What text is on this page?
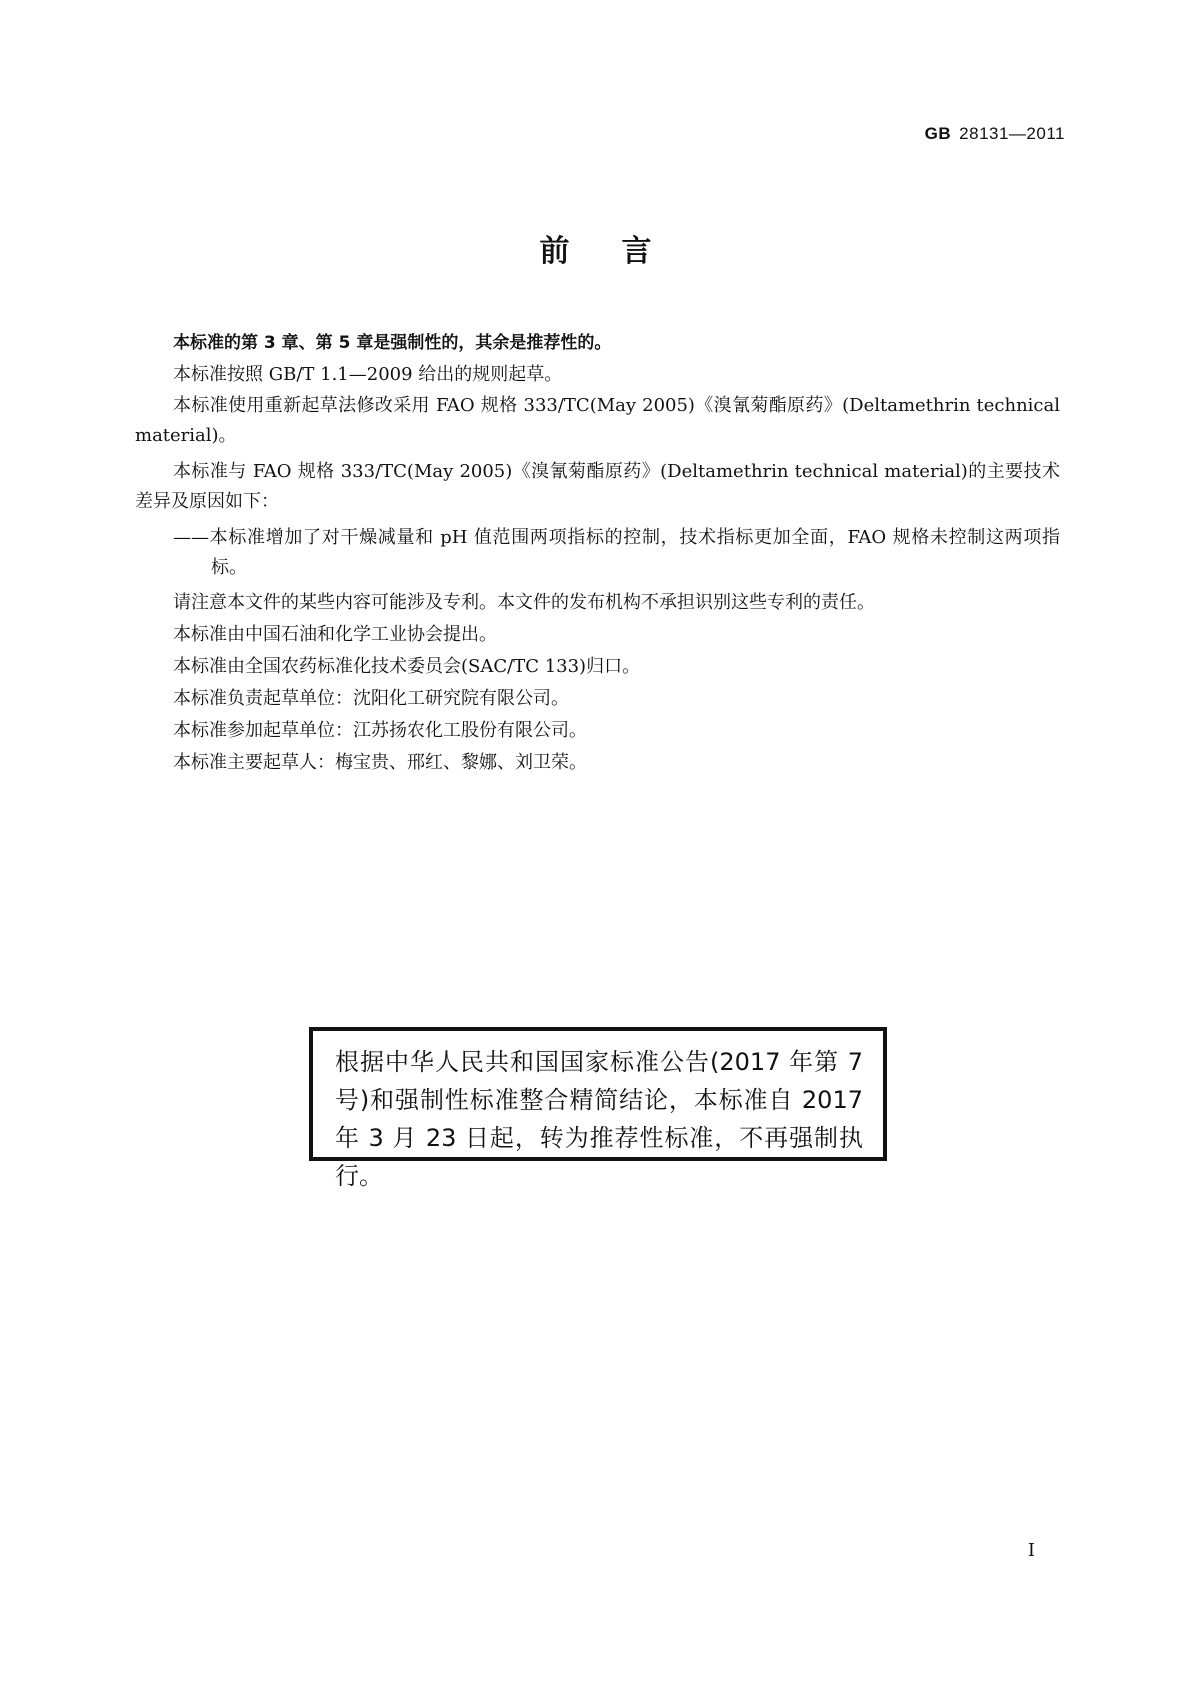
GB 28131—2011
前言

本标准的第 3 章、第 5 章是强制性的，其余是推荐性的。

本标准按照 GB/T 1.1—2009 给出的规则起草。

本标准使用重新起草法修改采用 FAO 规格 333/TC(May 2005)《溴氰菊酯原药》(Deltamethrin technical material)。

本标准与 FAO 规格 333/TC(May 2005)《溴氰菊酯原药》(Deltamethrin technical material)的主要技术差异及原因如下：

——本标准增加了对干燥减量和 pH 值范围两项指标的控制，技术指标更加全面，FAO 规格未控制这两项指标。

请注意本文件的某些内容可能涉及专利。本文件的发布机构不承担识别这些专利的责任。

本标准由中国石油和化学工业协会提出。

本标准由全国农药标准化技术委员会(SAC/TC 133)归口。

本标准负责起草单位：沈阳化工研究院有限公司。

本标准参加起草单位：江苏扬农化工股份有限公司。

本标准主要起草人：梅宝贵、邢红、黎娜、刘卫荣。

根据中华人民共和国国家标准公告(2017 年第 7 号)和强制性标准整合精简结论，本标准自 2017 年 3 月 23 日起，转为推荐性标准，不再强制执行。
I
